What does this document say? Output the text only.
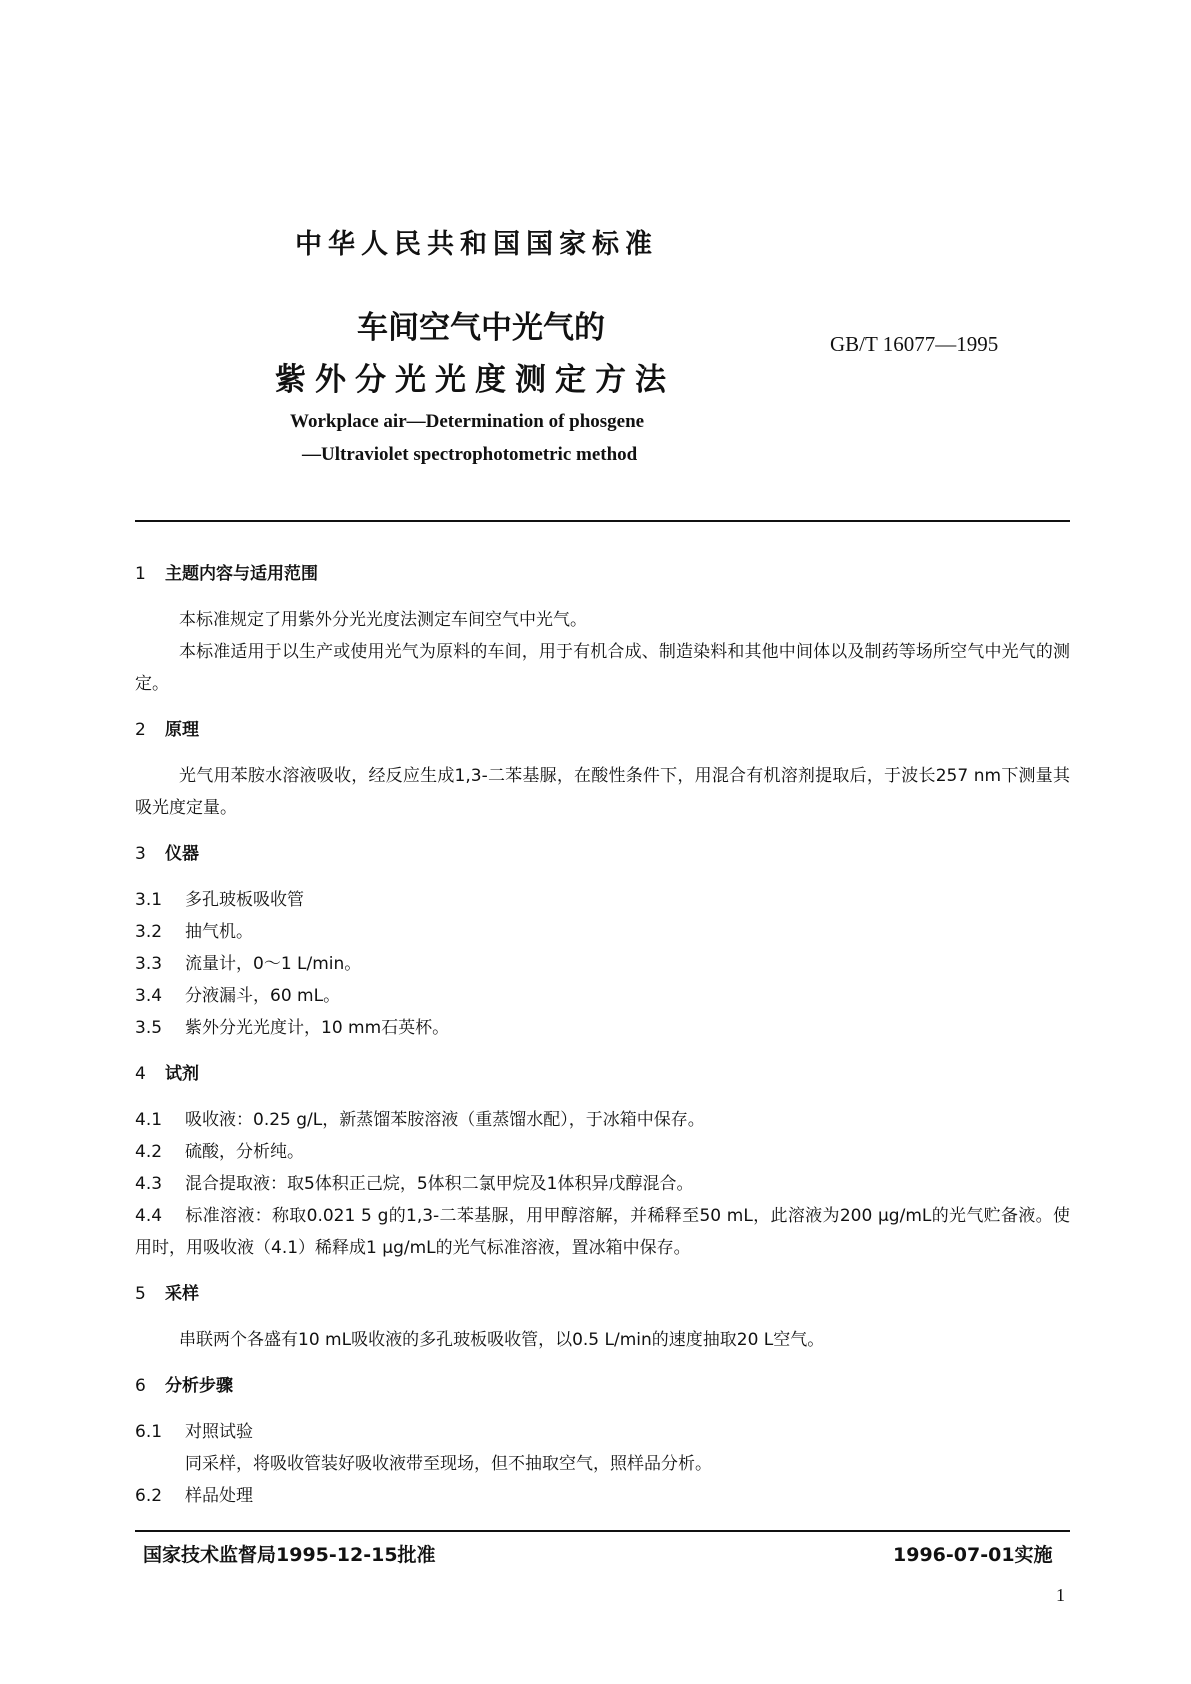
中华人民共和国国家标准
车间空气中光气的
紫外分光光度测定方法
GB/T 16077—1995
Workplace air—Determination of phosgene
—Ultraviolet spectrophotometric method
1 主题内容与适用范围

本标准规定了用紫外分光光度法测定车间空气中光气。

本标准适用于以生产或使用光气为原料的车间，用于有机合成、制造染料和其他中间体以及制药等场所空气中光气的测定。

2 原理

光气用苯胺水溶液吸收，经反应生成1,3-二苯基脲，在酸性条件下，用混合有机溶剂提取后，于波长257 nm下测量其吸光度定量。

3 仪器

3.1 多孔玻板吸收管

3.2 抽气机。

3.3 流量计，0～1 L/min。

3.4 分液漏斗，60 mL。

3.5 紫外分光光度计，10 mm石英杯。

4 试剂

4.1 吸收液：0.25 g/L，新蒸馏苯胺溶液（重蒸馏水配），于冰箱中保存。

4.2 硫酸，分析纯。

4.3 混合提取液：取5体积正己烷，5体积二氯甲烷及1体积异戊醇混合。

4.4 标准溶液：称取0.021 5 g的1,3-二苯基脲，用甲醇溶解，并稀释至50 mL，此溶液为200 μg/mL的光气贮备液。使用时，用吸收液（4.1）稀释成1 μg/mL的光气标准溶液，置冰箱中保存。

5 采样

串联两个各盛有10 mL吸收液的多孔玻板吸收管，以0.5 L/min的速度抽取20 L空气。

6 分析步骤

6.1 对照试验

同采样，将吸收管装好吸收液带至现场，但不抽取空气，照样品分析。

6.2 样品处理

国家技术监督局1995-12-15批准	1996-07-01实施
1
